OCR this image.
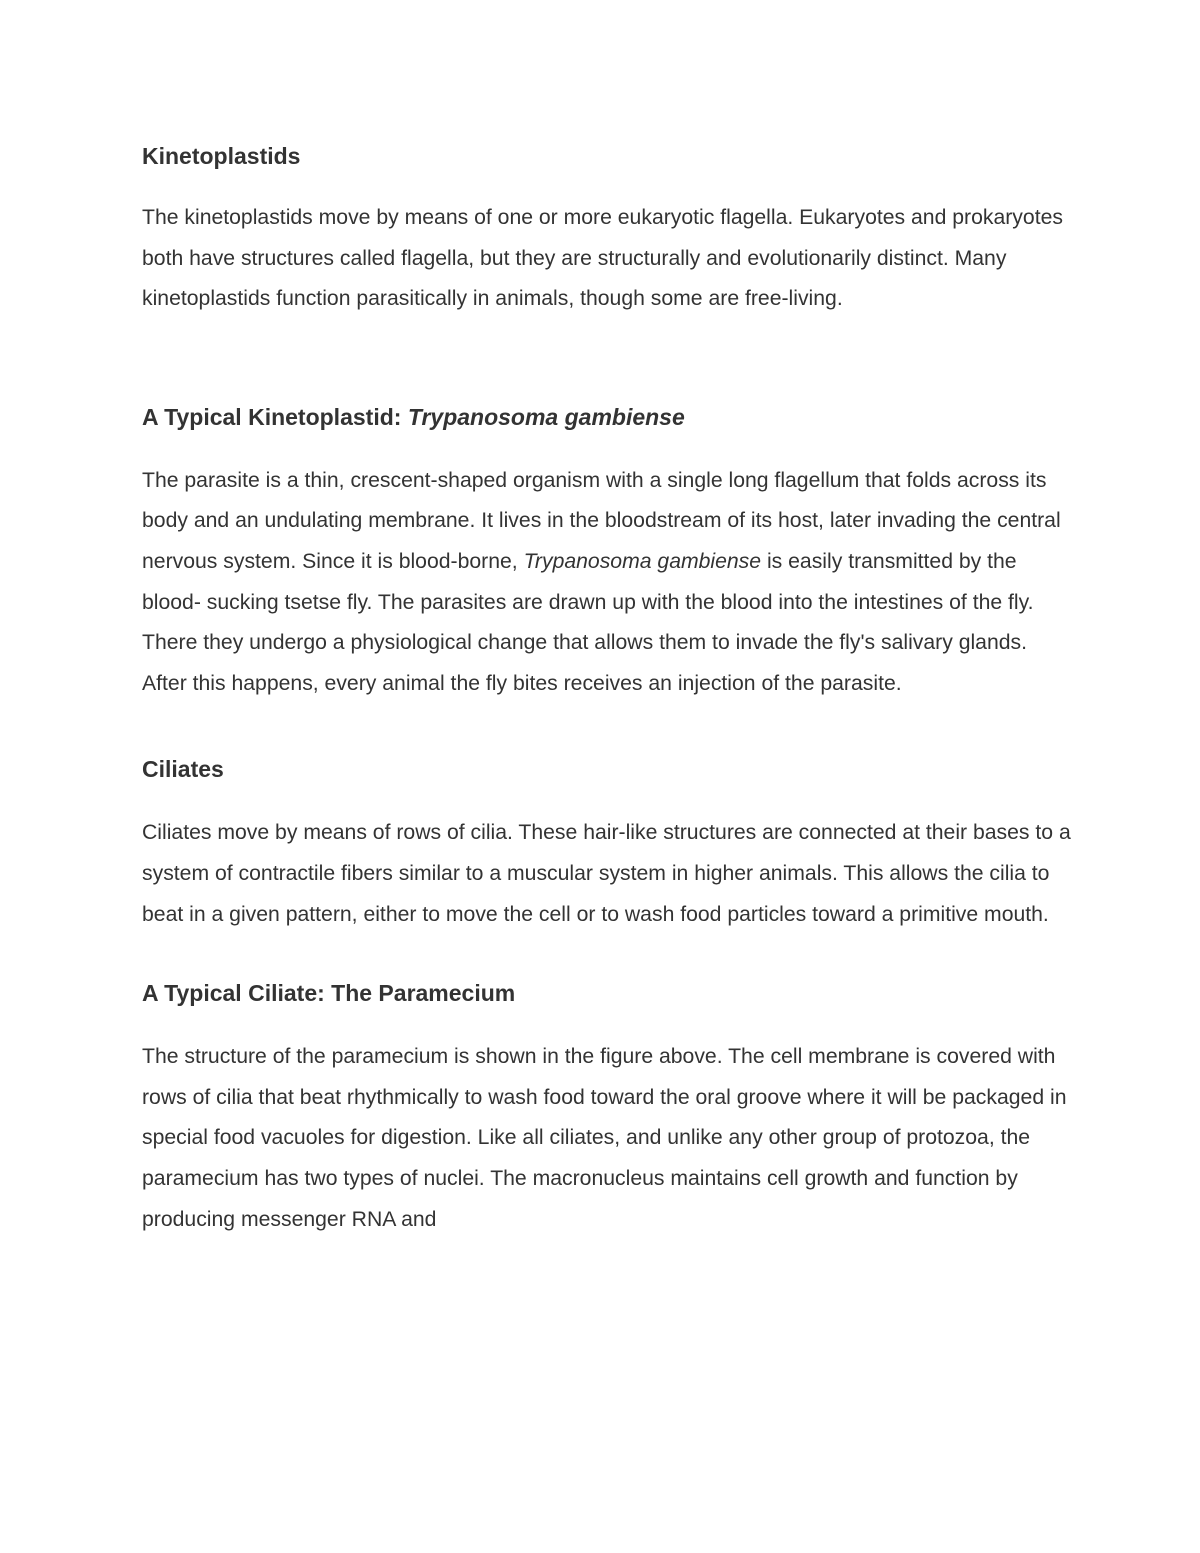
Kinetoplastids

The kinetoplastids move by means of one or more eukaryotic flagella. Eukaryotes and prokaryotes both have structures called flagella, but they are structurally and evolutionarily distinct. Many kinetoplastids function parasitically in animals, though some are free-living.

A Typical Kinetoplastid: Trypanosoma gambiense

The parasite is a thin, crescent-shaped organism with a single long flagellum that folds across its body and an undulating membrane. It lives in the bloodstream of its host, later invading the central nervous system. Since it is blood-borne, Trypanosoma gambiense is easily transmitted by the blood- sucking tsetse fly. The parasites are drawn up with the blood into the intestines of the fly. There they undergo a physiological change that allows them to invade the fly's salivary glands. After this happens, every animal the fly bites receives an injection of the parasite.

Ciliates

Ciliates move by means of rows of cilia. These hair-like structures are connected at their bases to a system of contractile fibers similar to a muscular system in higher animals. This allows the cilia to beat in a given pattern, either to move the cell or to wash food particles toward a primitive mouth.

A Typical Ciliate: The Paramecium

The structure of the paramecium is shown in the figure above. The cell membrane is covered with rows of cilia that beat rhythmically to wash food toward the oral groove where it will be packaged in special food vacuoles for digestion. Like all ciliates, and unlike any other group of protozoa, the paramecium has two types of nuclei. The macronucleus maintains cell growth and function by producing messenger RNA and
